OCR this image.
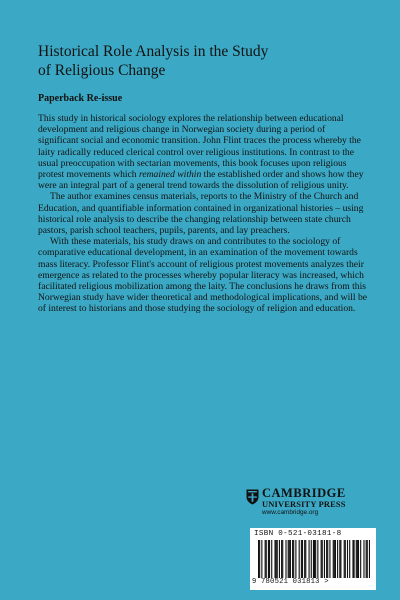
Historical Role Analysis in the Study
of Religious Change
Paperback Re-issue

This study in historical sociology explores the relationship between educational development and religious change in Norwegian society during a period of significant social and economic transition. John Flint traces the process whereby the laity radically reduced clerical control over religious institutions. In contrast to the usual preoccupation with sectarian movements, this book focuses upon religious protest movements which remained within the established order and shows how they were an integral part of a general trend towards the dissolution of religious unity.

The author examines census materials, reports to the Ministry of the Church and Education, and quantifiable information contained in organizational histories – using historical role analysis to describe the changing relationship between state church pastors, parish school teachers, pupils, parents, and lay preachers.

With these materials, his study draws on and contributes to the sociology of comparative educational development, in an examination of the movement towards mass literacy. Professor Flint's account of religious protest movements analyzes their emergence as related to the processes whereby popular literacy was increased, which facilitated religious mobilization among the laity. The conclusions he draws from this Norwegian study have wider theoretical and methodological implications, and will be of interest to historians and those studying the sociology of religion and education.

CAMBRIDGE
UNIVERSITY PRESS
www.cambridge.org
ISBN 0-521-03181-8
9 780521 031813 >
